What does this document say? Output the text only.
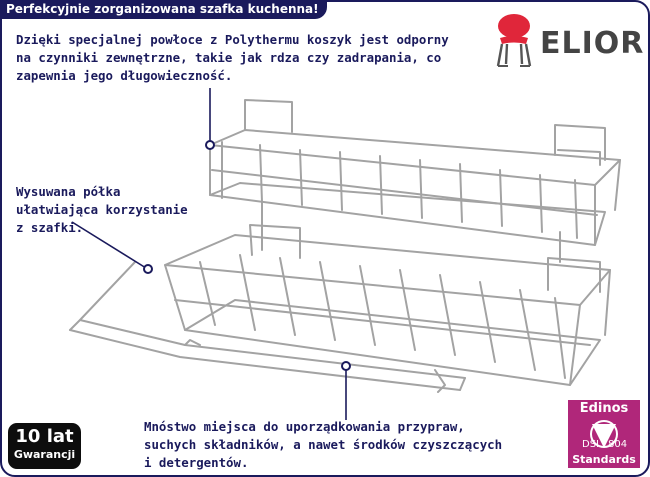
Perfekcyjnie zorganizowana szafka kuchenna!
Dzięki specjalnej powłoce z Polythermu koszyk jest odporny
na czynniki zewnętrzne, takie jak rdza czy zadrapania, co
zapewnia jego długowieczność.
Wysuwana półka
ułatwiająca korzystanie
z szafki.
Mnóstwo miejsca do uporządkowania przypraw,
suchych składników, a nawet środków czyszczących
i detergentów.
ELIOR
10 lat
Gwarancji
Edinos
DSI 804
Standards
